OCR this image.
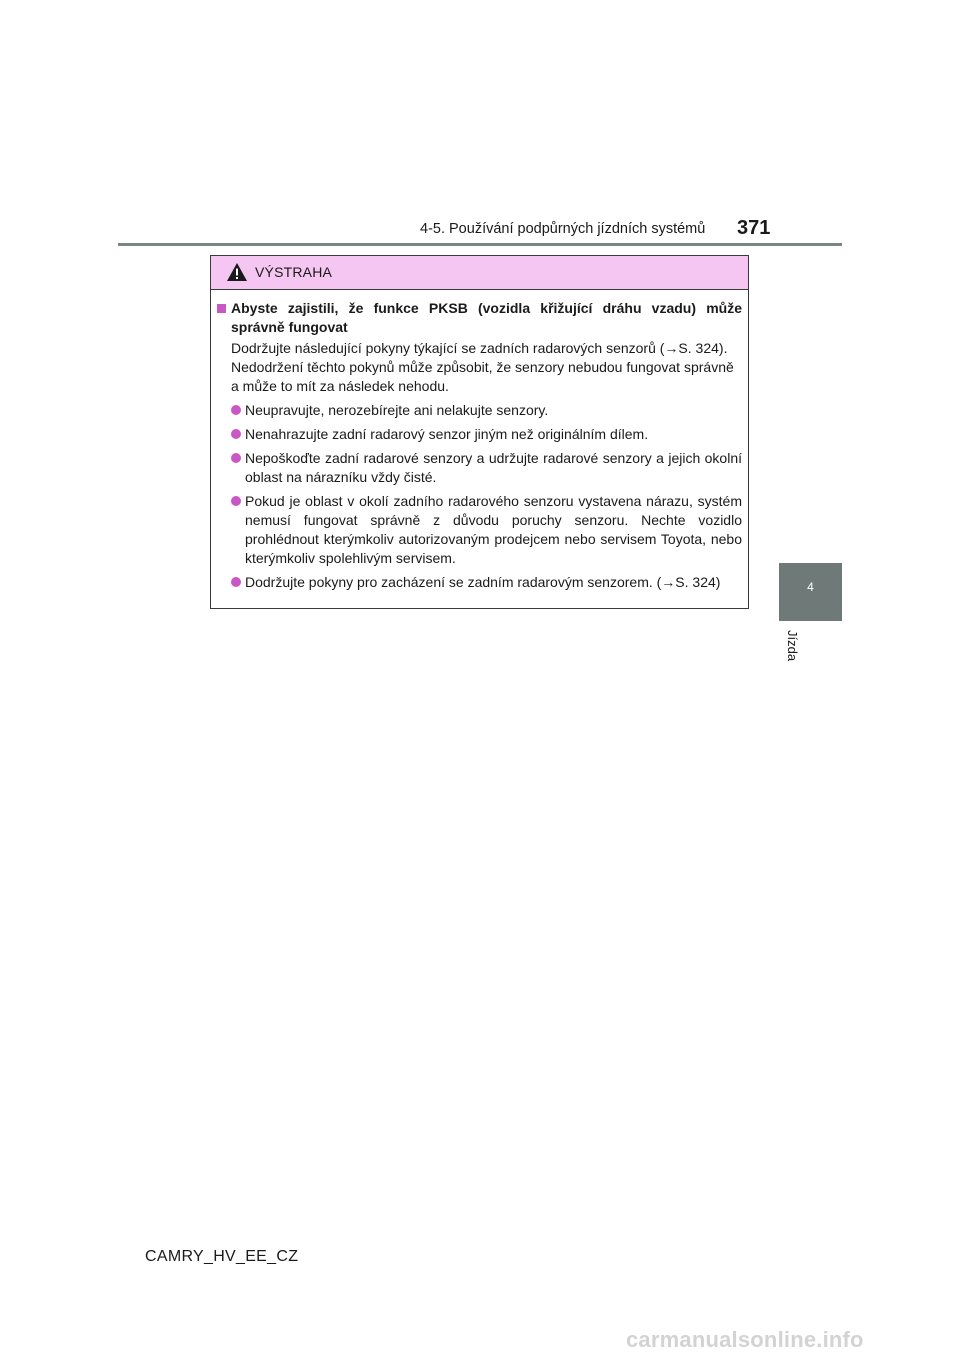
4-5. Používání podpůrných jízdních systémů 371
4
Jízda
VÝSTRAHA
Abyste zajistili, že funkce PKSB (vozidla křižující dráhu vzadu) může správně fungovat
Dodržujte následující pokyny týkající se zadních radarových senzorů (→S. 324). Nedodržení těchto pokynů může způsobit, že senzory nebudou fungovat správně a může to mít za následek nehodu.
Neupravujte, nerozebírejte ani nelakujte senzory.
Nenahrazujte zadní radarový senzor jiným než originálním dílem.
Nepoškoďte zadní radarové senzory a udržujte radarové senzory a jejich okolní oblast na nárazníku vždy čisté.
Pokud je oblast v okolí zadního radarového senzoru vystavena nárazu, systém nemusí fungovat správně z důvodu poruchy senzoru. Nechte vozidlo prohlédnout kterýmkoliv autorizovaným prodejcem nebo servisem Toyota, nebo kterýmkoliv spolehlivým servisem.
Dodržujte pokyny pro zacházení se zadním radarovým senzorem. (→S. 324)
CAMRY_HV_EE_CZ
carmanualsonline.info
